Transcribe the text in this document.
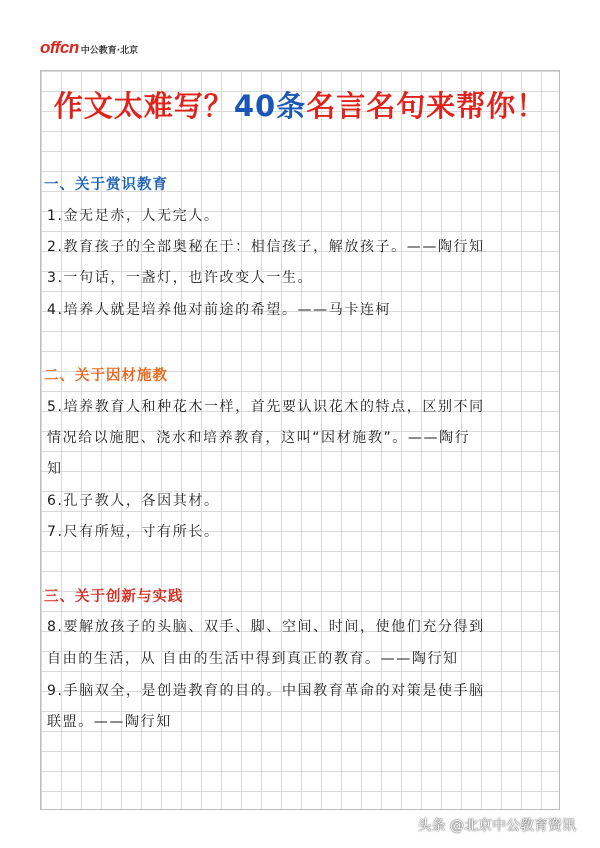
offcn 中公教育·北京
作文太难写？40条名言名句来帮你！
一、关于赏识教育
1.金无足赤，人无完人。
2.教育孩子的全部奥秘在于：相信孩子，解放孩子。——陶行知
3.一句话，一盏灯，也许改变人一生。
4.培养人就是培养他对前途的希望。——马卡连柯
二、关于因材施教
5.培养教育人和种花木一样，首先要认识花木的特点，区别不同
情况给以施肥、浇水和培养教育，这叫“因材施教”。——陶行
知
6.孔子教人，各因其材。
7.尺有所短，寸有所长。
三、关于创新与实践
8.要解放孩子的头脑、双手、脚、空间、时间，使他们充分得到
自由的生活，从 自由的生活中得到真正的教育。——陶行知
9.手脑双全，是创造教育的目的。中国教育革命的对策是使手脑
联盟。——陶行知
头条 @北京中公教育资讯
